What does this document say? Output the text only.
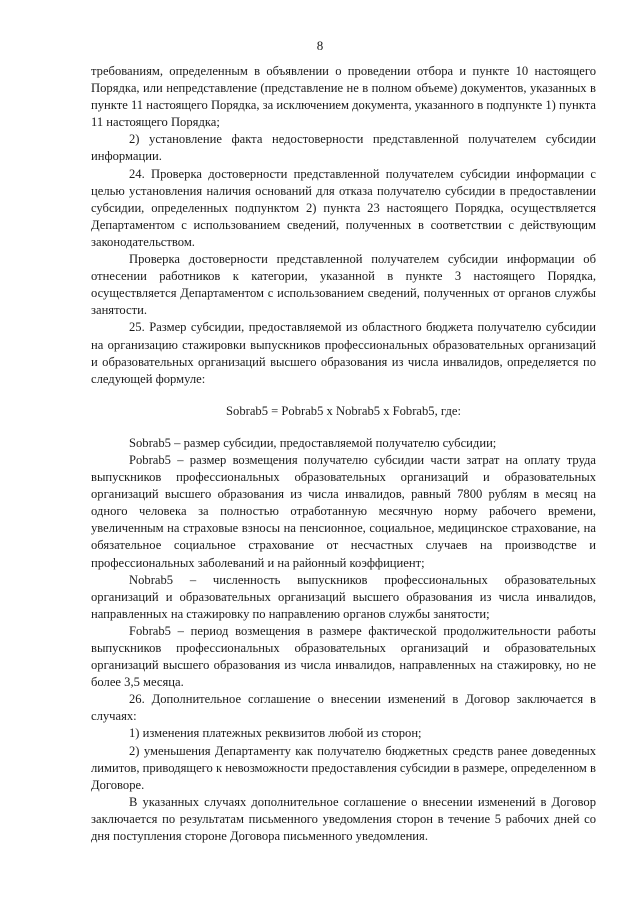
8

требованиям, определенным в объявлении о проведении отбора и пункте 10 настоящего Порядка, или непредставление (представление не в полном объеме) документов, указанных в пункте 11 настоящего Порядка, за исключением документа, указанного в подпункте 1) пункта 11 настоящего Порядка;

2) установление факта недостоверности представленной получателем субсидии информации.

24. Проверка достоверности представленной получателем субсидии информации с целью установления наличия оснований для отказа получателю субсидии в предоставлении субсидии, определенных подпунктом 2) пункта 23 настоящего Порядка, осуществляется Департаментом с использованием сведений, полученных в соответствии с действующим законодательством.

Проверка достоверности представленной получателем субсидии информации об отнесении работников к категории, указанной в пункте 3 настоящего Порядка, осуществляется Департаментом с использованием сведений, полученных от органов службы занятости.

25. Размер субсидии, предоставляемой из областного бюджета получателю субсидии на организацию стажировки выпускников профессиональных образовательных организаций и образовательных организаций высшего образования из числа инвалидов, определяется по следующей формуле:

Sobrab5 = Pobrab5 x Nobrab5 x Fobrab5, где:

Sobrab5 – размер субсидии, предоставляемой получателю субсидии;

Pobrab5 – размер возмещения получателю субсидии части затрат на оплату труда выпускников профессиональных образовательных организаций и образовательных организаций высшего образования из числа инвалидов, равный 7800 рублям в месяц на одного человека за полностью отработанную месячную норму рабочего времени, увеличенным на страховые взносы на пенсионное, социальное, медицинское страхование, на обязательное социальное страхование от несчастных случаев на производстве и профессиональных заболеваний и на районный коэффициент;

Nobrab5 – численность выпускников профессиональных образовательных организаций и образовательных организаций высшего образования из числа инвалидов, направленных на стажировку по направлению органов службы занятости;

Fobrab5 – период возмещения в размере фактической продолжительности работы выпускников профессиональных образовательных организаций и образовательных организаций высшего образования из числа инвалидов, направленных на стажировку, но не более 3,5 месяца.

26. Дополнительное соглашение о внесении изменений в Договор заключается в случаях:

1) изменения платежных реквизитов любой из сторон;

2) уменьшения Департаменту как получателю бюджетных средств ранее доведенных лимитов, приводящего к невозможности предоставления субсидии в размере, определенном в Договоре.

В указанных случаях дополнительное соглашение о внесении изменений в Договор заключается по результатам письменного уведомления сторон в течение 5 рабочих дней со дня поступления стороне Договора письменного уведомления.
